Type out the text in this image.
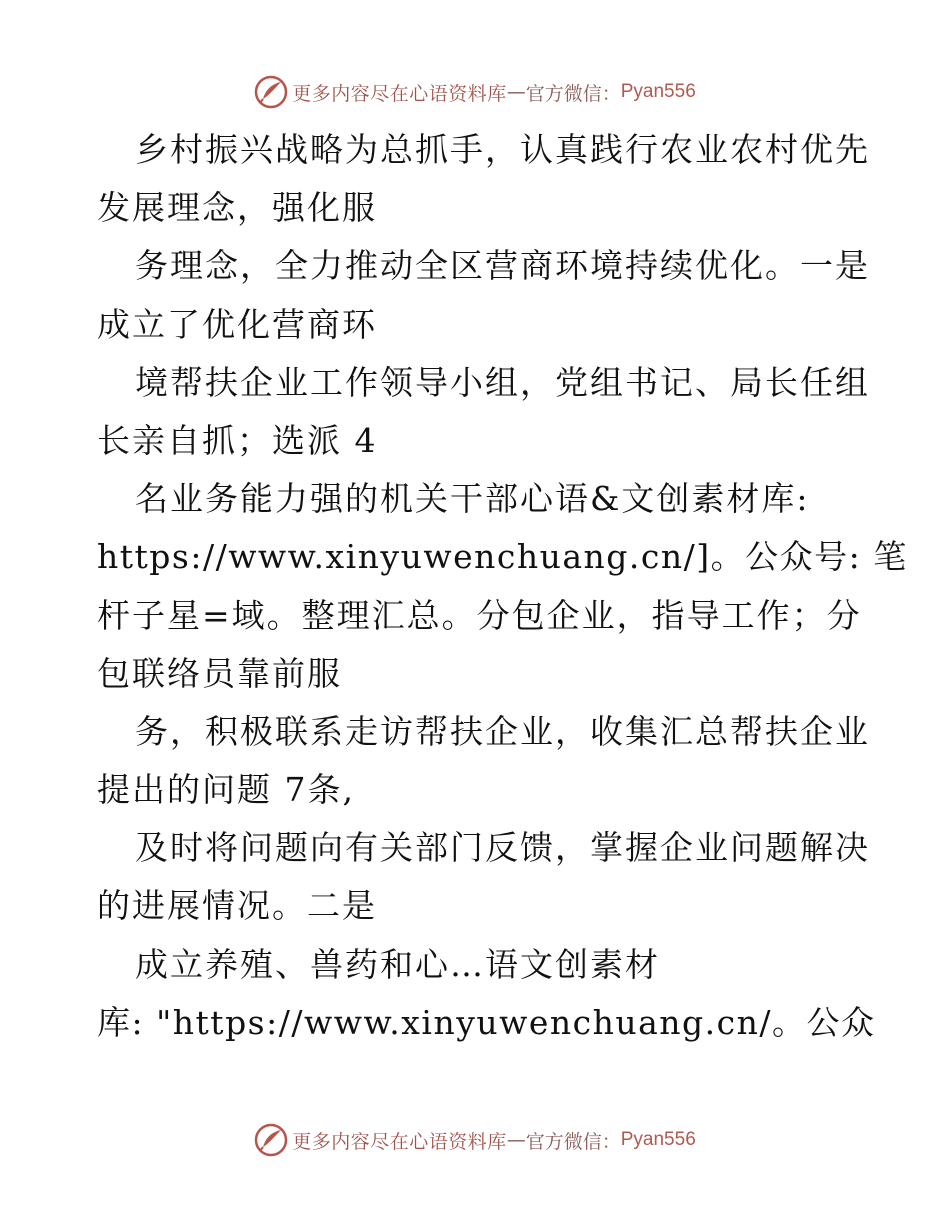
更多内容尽在心语资料库 — 官方微信： Pyan556
乡村振兴战略为总抓手，认真践行农业农村优先
发展理念，强化服
务理念，全力推动全区营商环境持续优化。一是
成立了优化营商环
境帮扶企业工作领导小组，党组书记、局长任组
长亲自抓；选派 4
名业务能力强的机关干部心语&文创素材库:
https://www.xinyuwenchuang.cn/]。公众号: 笔
杆子星=域。整理汇总。分包企业，指导工作；分
包联络员靠前服
务，积极联系走访帮扶企业，收集汇总帮扶企业
提出的问题 7条,
及时将问题向有关部门反馈，掌握企业问题解决
的进展情况。二是
成立养殖、兽药和心…语文创素材
库: "https://www.xinyuwenchuang.cn/。公众
更多内容尽在心语资料库 — 官方微信： Pyan556
